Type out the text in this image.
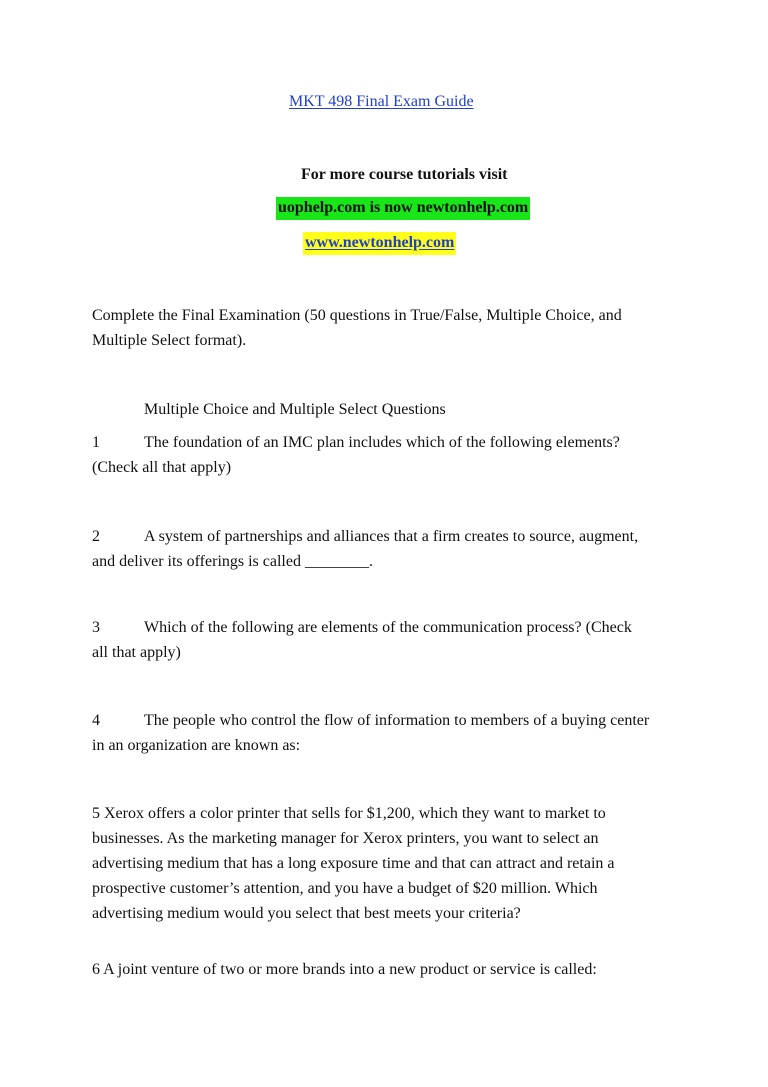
MKT 498 Final Exam Guide
For more course tutorials visit
uophelp.com is now newtonhelp.com
www.newtonhelp.com
Complete the Final Examination (50 questions in True/False, Multiple Choice, and
Multiple Select format).
Multiple Choice and Multiple Select Questions
1	The foundation of an IMC plan includes which of the following elements?
(Check all that apply)
2	A system of partnerships and alliances that a firm creates to source, augment,
and deliver its offerings is called ________.
3	Which of the following are elements of the communication process? (Check
all that apply)
4	The people who control the flow of information to members of a buying center
in an organization are known as:
5 Xerox offers a color printer that sells for $1,200, which they want to market to
businesses. As the marketing manager for Xerox printers, you want to select an
advertising medium that has a long exposure time and that can attract and retain a
prospective customer’s attention, and you have a budget of $20 million. Which
advertising medium would you select that best meets your criteria?
6 A joint venture of two or more brands into a new product or service is called:
